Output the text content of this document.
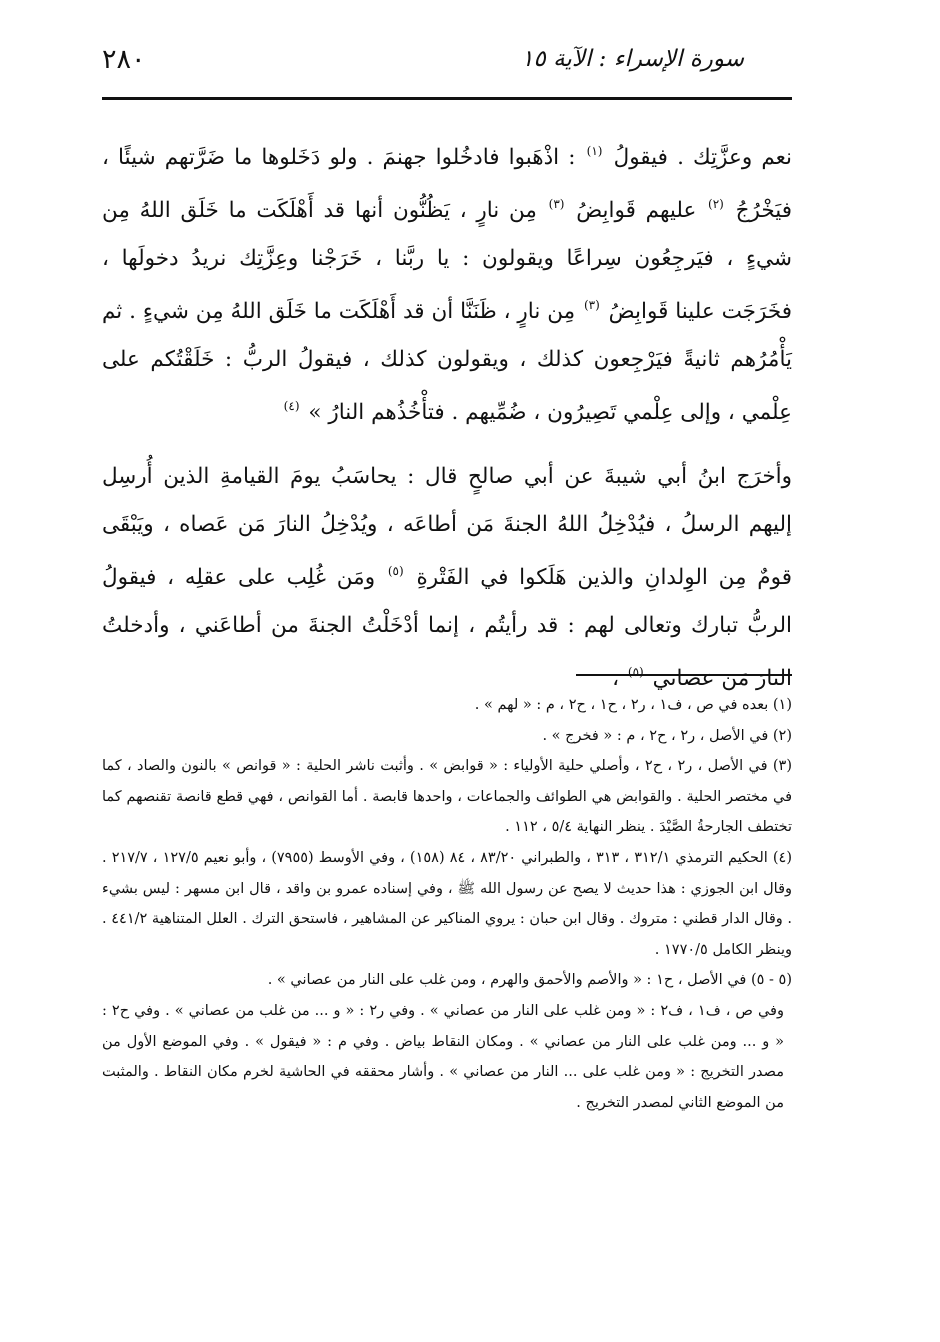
٢٨٠	سورة الإسراء : الآية ١٥

نعم وعزَّتِك . فيقولُ $^{(١)}$ : اذْهَبوا فادخُلوا جهنمَ . ولو دَخَلوها ما ضَرَّتهم شيئًا ، فيَخْرُجُ $^{(٢)}$ عليهم قَوابِضُ $^{(٣)}$ مِن نارٍ ، يَظُنُّون أنها قد أَهْلَكَت ما خَلَق اللهُ مِن شيءٍ ، فيَرجِعُون سِراعًا ويقولون : يا ربَّنا ، خَرَجْنا وعِزَّتِك نريدُ دخولَها ، فخَرَجَت علينا قَوابِضُ $^{(٣)}$ مِن نارٍ ، ظَنَنَّا أن قد أَهْلَكَت ما خَلَق اللهُ مِن شيءٍ . ثم يَأْمُرُهم ثانيةً فيَرْجِعون كذلك ، ويقولون كذلك ، فيقولُ الربُّ : خَلَقْتُكم على عِلْمي ، وإلى عِلْمي تَصِيرُون ، ضُمِّيهم . فتأْخُذُهم النارُ » $^{(٤)}$

وأخرَج ابنُ أبي شيبةَ عن أبي صالحٍ قال : يحاسَبُ يومَ القيامةِ الذين أُرسِل إليهم الرسلُ ، فيُدْخِلُ اللهُ الجنةَ مَن أطاعَه ، ويُدْخِلُ النارَ مَن عَصاه ، ويَبْقَى قومٌ مِن الوِلدانِ والذين هَلَكوا في الفَتْرةِ $^{(٥)}$ ومَن غُلِب على عقلِه ، فيقولُ الربُّ تبارك وتعالى لهم : قد رأيتُم ، إنما أدْخَلْتُ الجنةَ من أطاعَني ، وأدخلتُ النارَ مَن عصاني $^{(٥)}$ ،

(١) بعده في ص ، ف١ ، ر٢ ، ح١ ، ح٢ ، م : « لهم » .

(٢) في الأصل ، ر٢ ، ح٢ ، م : « فخرج » .

(٣) في الأصل ، ر٢ ، ح٢ ، وأصلي حلية الأولياء : « قوابض » . وأثبت ناشر الحلية : « قوانص » بالنون والصاد ، كما في مختصر الحلية . والقوابض هي الطوائف والجماعات ، واحدها قابصة . أما القوانص ، فهي قطع قانصة تقنصهم كما تختطف الجارحةُ الصَّيْدَ . ينظر النهاية ٥/٤ ، ١١٢ .

(٤) الحكيم الترمذي ٣١٢/١ ، ٣١٣ ، والطبراني ٨٣/٢٠ ، ٨٤ (١٥٨) ، وفي الأوسط (٧٩٥٥) ، وأبو نعيم ١٢٧/٥ ، ٢١٧/٧ . وقال ابن الجوزي : هذا حديث لا يصح عن رسول الله ﷺ ، وفي إسناده عمرو بن واقد ، قال ابن مسهر : ليس بشيء . وقال الدار قطني : متروك . وقال ابن حبان : يروي المناكير عن المشاهير ، فاستحق الترك . العلل المتناهية ٤٤١/٢ . وينظر الكامل ١٧٧٠/٥ .

(٥ - ٥) في الأصل ، ح١ : « والأصم والأحمق والهرم ، ومن غلب على النار من عصاني » .

وفي ص ، ف١ ، ف٢ : « ومن غلب على النار من عصاني » . وفي ر٢ : « و ... من غلب من عصاني » . وفي ح٢ : « و ... ومن غلب على النار من عصاني » . ومكان النقاط بياض . وفي م : « فيقول » . وفي الموضع الأول من مصدر التخريج : « ومن غلب على ... النار من عصاني » . وأشار محققه في الحاشية لخرم مكان النقاط . والمثبت من الموضع الثاني لمصدر التخريج .
